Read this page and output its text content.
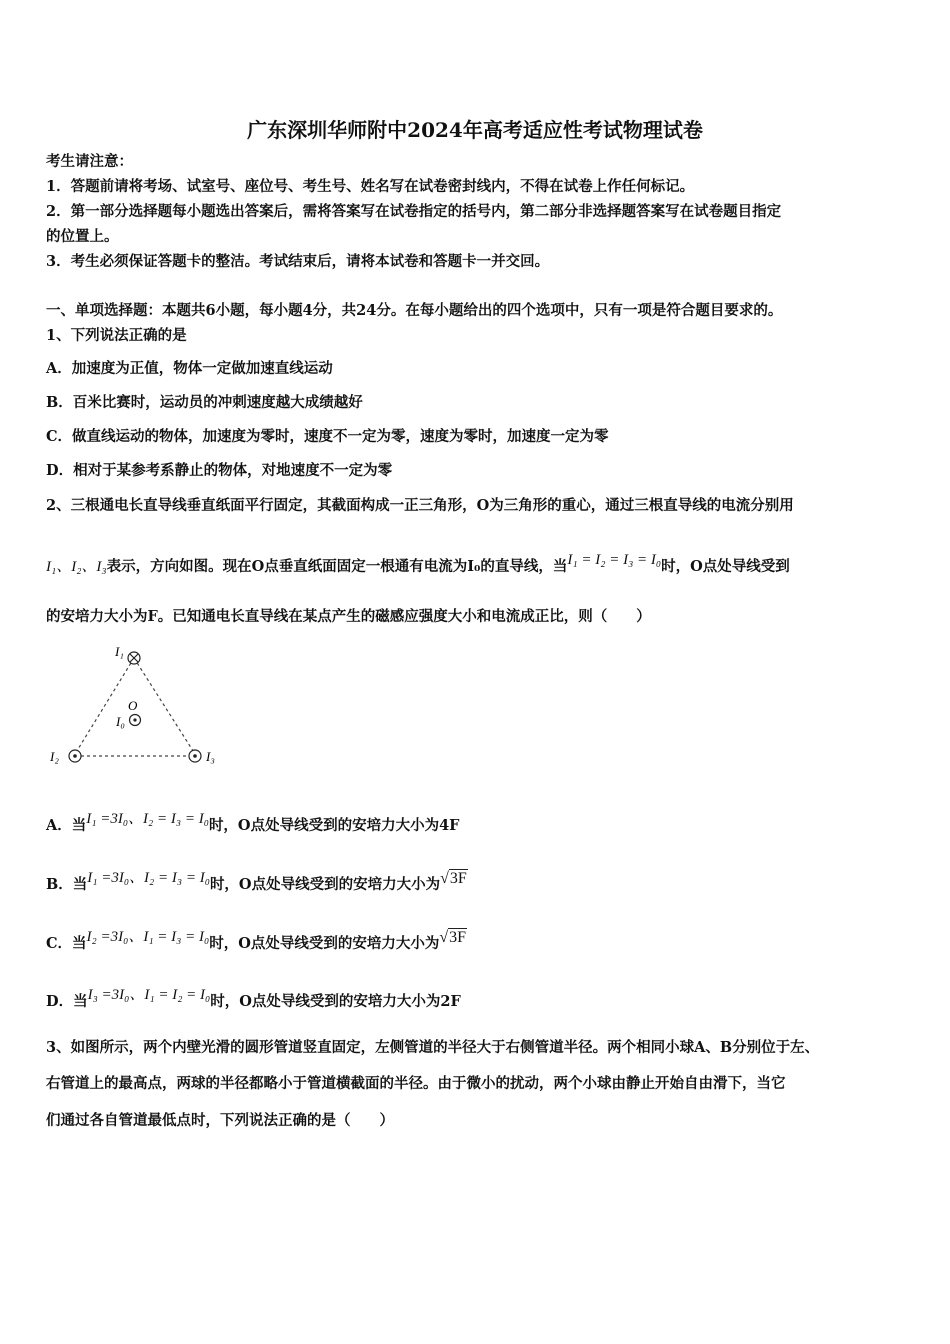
广东深圳华师附中2024年高考适应性考试物理试卷
考生请注意：
1．答题前请将考场、试室号、座位号、考生号、姓名写在试卷密封线内，不得在试卷上作任何标记。
2．第一部分选择题每小题选出答案后，需将答案写在试卷指定的括号内，第二部分非选择题答案写在试卷题目指定
的位置上。
3．考生必须保证答题卡的整洁。考试结束后，请将本试卷和答题卡一并交回。
一、单项选择题：本题共6小题，每小题4分，共24分。在每小题给出的四个选项中，只有一项是符合题目要求的。
1、下列说法正确的是
A．加速度为正值，物体一定做加速直线运动
B．百米比赛时，运动员的冲刺速度越大成绩越好
C．做直线运动的物体，加速度为零时，速度不一定为零，速度为零时，加速度一定为零
D．相对于某参考系静止的物体，对地速度不一定为零
2、三根通电长直导线垂直纸面平行固定，其截面构成一正三角形，O为三角形的重心，通过三根直导线的电流分别用
I₁、I₂、I₃表示，方向如图。现在O点垂直纸面固定一根通有电流为I₀的直导线，当I₁ = I₂ = I₃ = I₀时，O点处导线受到
的安培力大小为F。已知通电长直导线在某点产生的磁感应强度大小和电流成正比，则（　　）
I₁
O
I₀
I₂	I₃
A．当I₁ =3I₀、I₂ = I₃ = I₀时，O点处导线受到的安培力大小为4F
B．当I₁ =3I₀、I₂ = I₃ = I₀时，O点处导线受到的安培力大小为√3F
C．当I₂ =3I₀、I₁ = I₃ = I₀时，O点处导线受到的安培力大小为√3F
D．当I₃ =3I₀、I₁ = I₂ = I₀时，O点处导线受到的安培力大小为2F
3、如图所示，两个内壁光滑的圆形管道竖直固定，左侧管道的半径大于右侧管道半径。两个相同小球A、B分别位于左、
右管道上的最高点，两球的半径都略小于管道横截面的半径。由于微小的扰动，两个小球由静止开始自由滑下，当它
们通过各自管道最低点时，下列说法正确的是（　　）
